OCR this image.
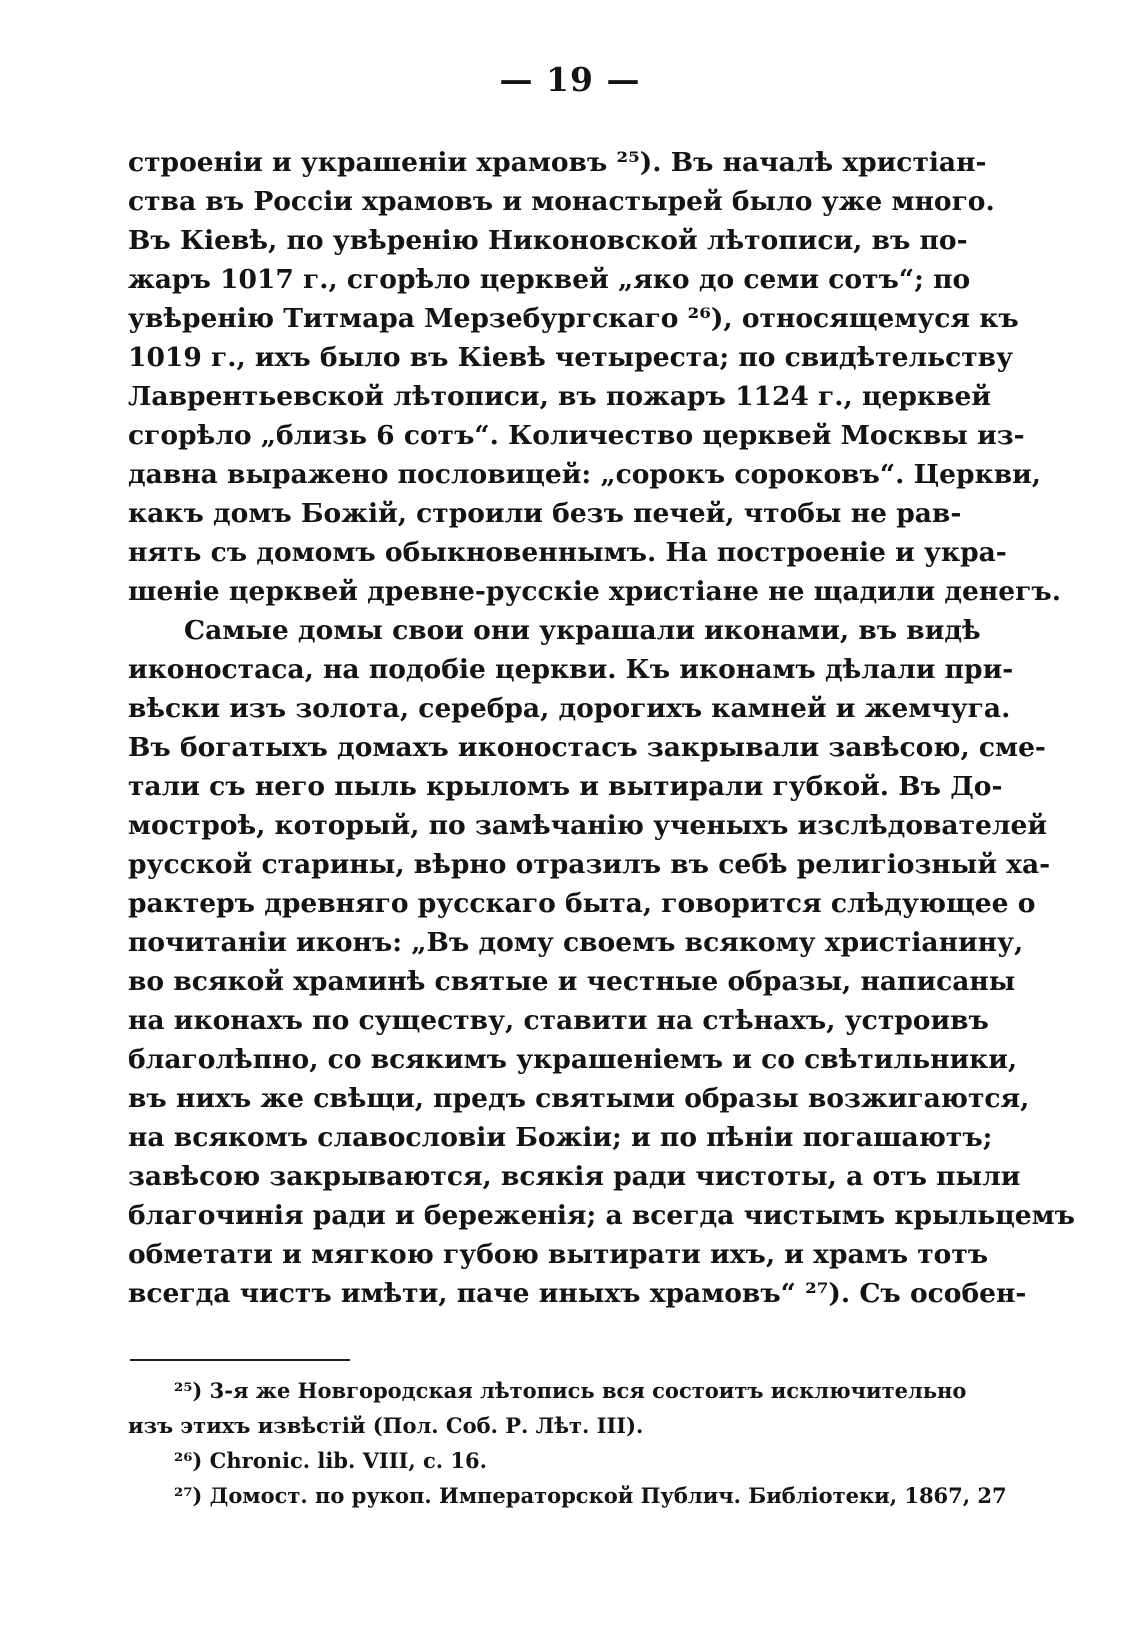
— 19 —
строеніи и украшеніи храмовъ ²⁵). Въ началѣ христіан-
ства въ Россіи храмовъ и монастырей было уже много.
Въ Кіевѣ, по увѣренію Никоновской лѣтописи, въ по-
жаръ 1017 г., сгорѣло церквей „яко до семи сотъ“; по
увѣренію Титмара Мерзебургскаго ²⁶), относящемуся къ
1019 г., ихъ было въ Кіевѣ четыреста; по свидѣтельству
Лаврентьевской лѣтописи, въ пожаръ 1124 г., церквей
сгорѣло „близь 6 сотъ“. Количество церквей Москвы из-
давна выражено пословицей: „сорокъ сороковъ“. Церкви,
какъ домъ Божій, строили безъ печей, чтобы не рав-
нять съ домомъ обыкновеннымъ. На построеніе и укра-
шеніе церквей древне-русскіе христіане не щадили денегъ.
Самые домы свои они украшали иконами, въ видѣ
иконостаса, на подобіе церкви. Къ иконамъ дѣлали при-
вѣски изъ золота, серебра, дорогихъ камней и жемчуга.
Въ богатыхъ домахъ иконостасъ закрывали завѣсою, сме-
тали съ него пыль крыломъ и вытирали губкой. Въ До-
мострoѣ, который, по замѣчанію ученыхъ изслѣдователей
русской старины, вѣрно отразилъ въ себѣ религіозный ха-
рактеръ древняго русскаго быта, говорится слѣдующее о
почитаніи иконъ: „Въ дому своемъ всякому христіанину,
во всякой храминѣ святые и честные образы, написаны
на иконахъ по существу, ставити на стѣнахъ, устроивъ
благолѣпно, со всякимъ украшеніемъ и со свѣтильники,
въ нихъ же свѣщи, предъ святыми образы возжигаются,
на всякомъ славословіи Божіи; и по пѣніи погашаютъ;
завѣсою закрываются, всякія ради чистоты, а отъ пыли
благочинія ради и береженія; а всегда чистымъ крыльцемъ
обметати и мягкою губою вытирати ихъ, и храмъ тотъ
всегда чистъ имѣти, паче иныхъ храмовъ“ ²⁷). Съ особен-
²⁵) 3-я же Новгородская лѣтопись вся состоитъ исключительно
изъ этихъ извѣстій (Пол. Соб. Р. Лѣт. III).
²⁶) Chronic. lib. VIII, c. 16.
²⁷) Домост. по рукоп. Императорской Публич. Библіотеки, 1867, 27
